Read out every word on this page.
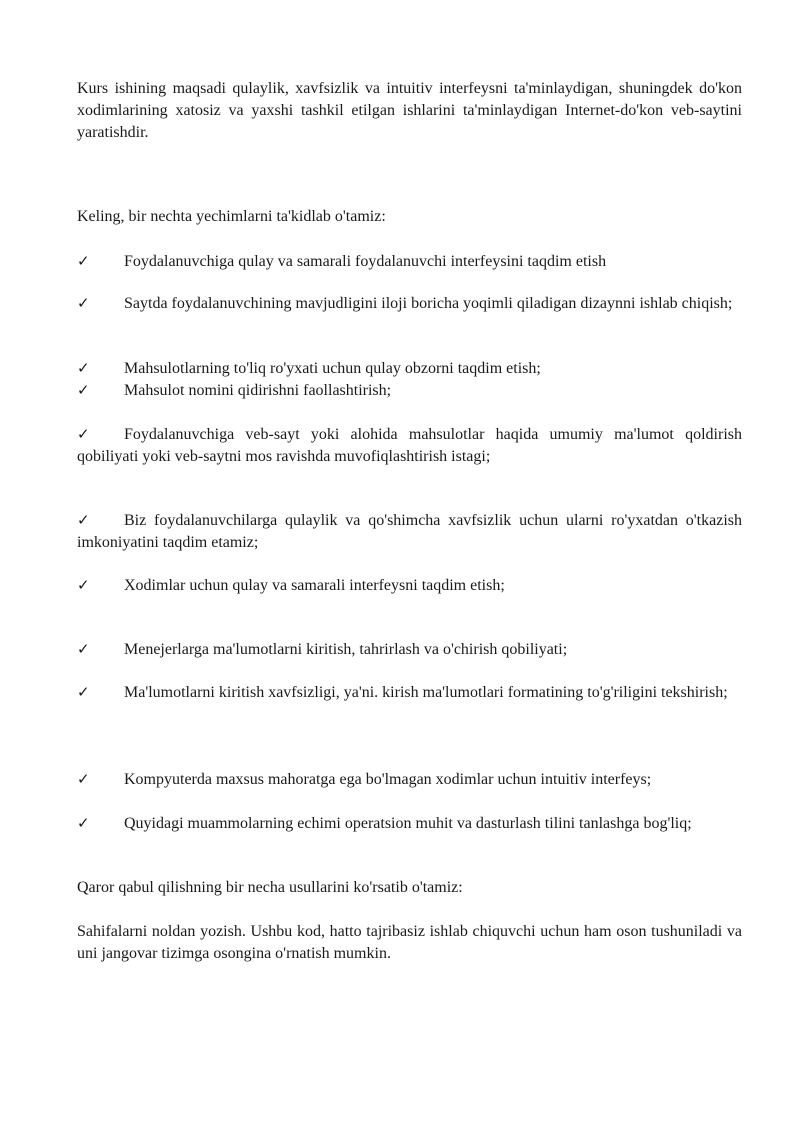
Kurs ishining maqsadi qulaylik, xavfsizlik va intuitiv interfeysni ta'minlaydigan, shuningdek do'kon xodimlarining xatosiz va yaxshi tashkil etilgan ishlarini ta'minlaydigan Internet-do'kon veb-saytini yaratishdir.

Keling, bir nechta yechimlarni ta'kidlab o'tamiz:

✓ Foydalanuvchiga qulay va samarali foydalanuvchi interfeysini taqdim etish

✓ Saytda foydalanuvchining mavjudligini iloji boricha yoqimli qiladigan dizaynni ishlab chiqish;

✓ Mahsulotlarning to'liq ro'yxati uchun qulay obzorni taqdim etish;

✓ Mahsulot nomini qidirishni faollashtirish;

✓ Foydalanuvchiga veb-sayt yoki alohida mahsulotlar haqida umumiy ma'lumot qoldirish qobiliyati yoki veb-saytni mos ravishda muvofiqlashtirish istagi;

✓ Biz foydalanuvchilarga qulaylik va qo'shimcha xavfsizlik uchun ularni ro'yxatdan o'tkazish imkoniyatini taqdim etamiz;

✓ Xodimlar uchun qulay va samarali interfeysni taqdim etish;

✓ Menejerlarga ma'lumotlarni kiritish, tahrirlash va o'chirish qobiliyati;

✓ Ma'lumotlarni kiritish xavfsizligi, ya'ni. kirish ma'lumotlari formatining to'g'riligini tekshirish;

✓ Kompyuterda maxsus mahoratga ega bo'lmagan xodimlar uchun intuitiv interfeys;

✓ Quyidagi muammolarning echimi operatsion muhit va dasturlash tilini tanlashga bog'liq;

Qaror qabul qilishning bir necha usullarini ko'rsatib o'tamiz:

Sahifalarni noldan yozish. Ushbu kod, hatto tajribasiz ishlab chiquvchi uchun ham oson tushuniladi va uni jangovar tizimga osongina o'rnatish mumkin.
